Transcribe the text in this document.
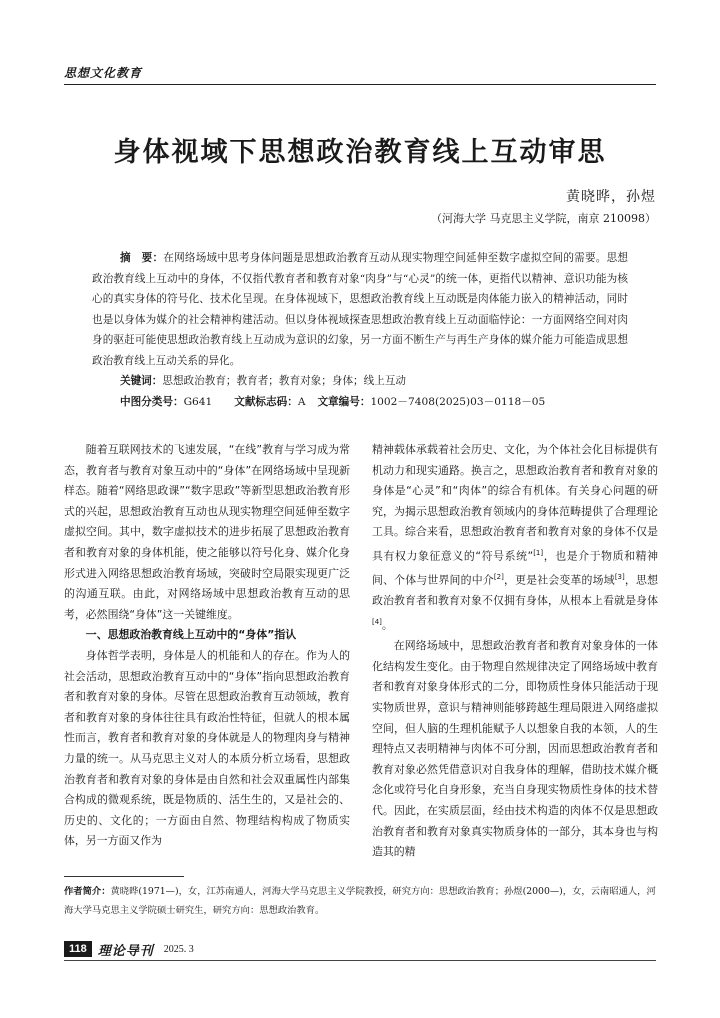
思想文化教育
身体视域下思想政治教育线上互动审思
黄晓晔，孙煜
（河海大学 马克思主义学院，南京 210098）

摘　要：在网络场域中思考身体问题是思想政治教育互动从现实物理空间延伸至数字虚拟空间的需要。思想政治教育线上互动中的身体，不仅指代教育者和教育对象“肉身”与“心灵”的统一体，更指代以精神、意识功能为核心的真实身体的符号化、技术化呈现。在身体视域下，思想政治教育线上互动既是肉体能力嵌入的精神活动，同时也是以身体为媒介的社会精神构建活动。但以身体视域探查思想政治教育线上互动面临悖论：一方面网络空间对肉身的驱赶可能使思想政治教育线上互动成为意识的幻象，另一方面不断生产与再生产身体的媒介能力可能造成思想政治教育线上互动关系的异化。

关键词：思想政治教育；教育者；教育对象；身体；线上互动

中图分类号：G641 文献标志码：A 文章编号：1002－7408(2025)03－0118－05

随着互联网技术的飞速发展，“在线”教育与学习成为常态，教育者与教育对象互动中的“身体”在网络场域中呈现新样态。随着“网络思政课”“数字思政”等新型思想政治教育形式的兴起，思想政治教育互动也从现实物理空间延伸至数字虚拟空间。其中，数字虚拟技术的进步拓展了思想政治教育者和教育对象的身体机能，使之能够以符号化身、媒介化身形式进入网络思想政治教育场域，突破时空局限实现更广泛的沟通互联。由此，对网络场域中思想政治教育互动的思考，必然围绕“身体”这一关键维度。

一、思想政治教育线上互动中的“身体”指认

身体哲学表明，身体是人的机能和人的存在。作为人的社会活动，思想政治教育互动中的“身体”指向思想政治教育者和教育对象的身体。尽管在思想政治教育互动领域，教育者和教育对象的身体往往具有政治性特征，但就人的根本属性而言，教育者和教育对象的身体就是人的物理肉身与精神力量的统一。从马克思主义对人的本质分析立场看，思想政治教育者和教育对象的身体是由自然和社会双重属性内部集合构成的微观系统，既是物质的、活生生的，又是社会的、历史的、文化的；一方面由自然、物理结构构成了物质实体，另一方面又作为

精神载体承载着社会历史、文化，为个体社会化目标提供有机动力和现实通路。换言之，思想政治教育者和教育对象的身体是“心灵”和“肉体”的综合有机体。有关身心问题的研究，为揭示思想政治教育领域内的身体范畴提供了合理理论工具。综合来看，思想政治教育者和教育对象的身体不仅是具有权力象征意义的“符号系统”[1]，也是介于物质和精神间、个体与世界间的中介[2]，更是社会变革的场域[3]，思想政治教育者和教育对象不仅拥有身体，从根本上看就是身体[4]。

在网络场域中，思想政治教育者和教育对象身体的一体化结构发生变化。由于物理自然规律决定了网络场域中教育者和教育对象身体形式的二分，即物质性身体只能活动于现实物质世界，意识与精神则能够跨越生理局限进入网络虚拟空间，但人脑的生理机能赋予人以想象自我的本领，人的生理特点又表明精神与肉体不可分割，因而思想政治教育者和教育对象必然凭借意识对自我身体的理解，借助技术媒介概念化或符号化自身形象，充当自身现实物质性身体的技术替代。因此，在实质层面，经由技术构造的肉体不仅是思想政治教育者和教育对象真实物质身体的一部分，其本身也与构造其的精

作者简介：黄晓晔(1971—)，女，江苏南通人，河海大学马克思主义学院教授，研究方向：思想政治教育；孙煜(2000—)，女，云南昭通人，河海大学马克思主义学院硕士研究生，研究方向：思想政治教育。

118 理论导刊 2025. 3
